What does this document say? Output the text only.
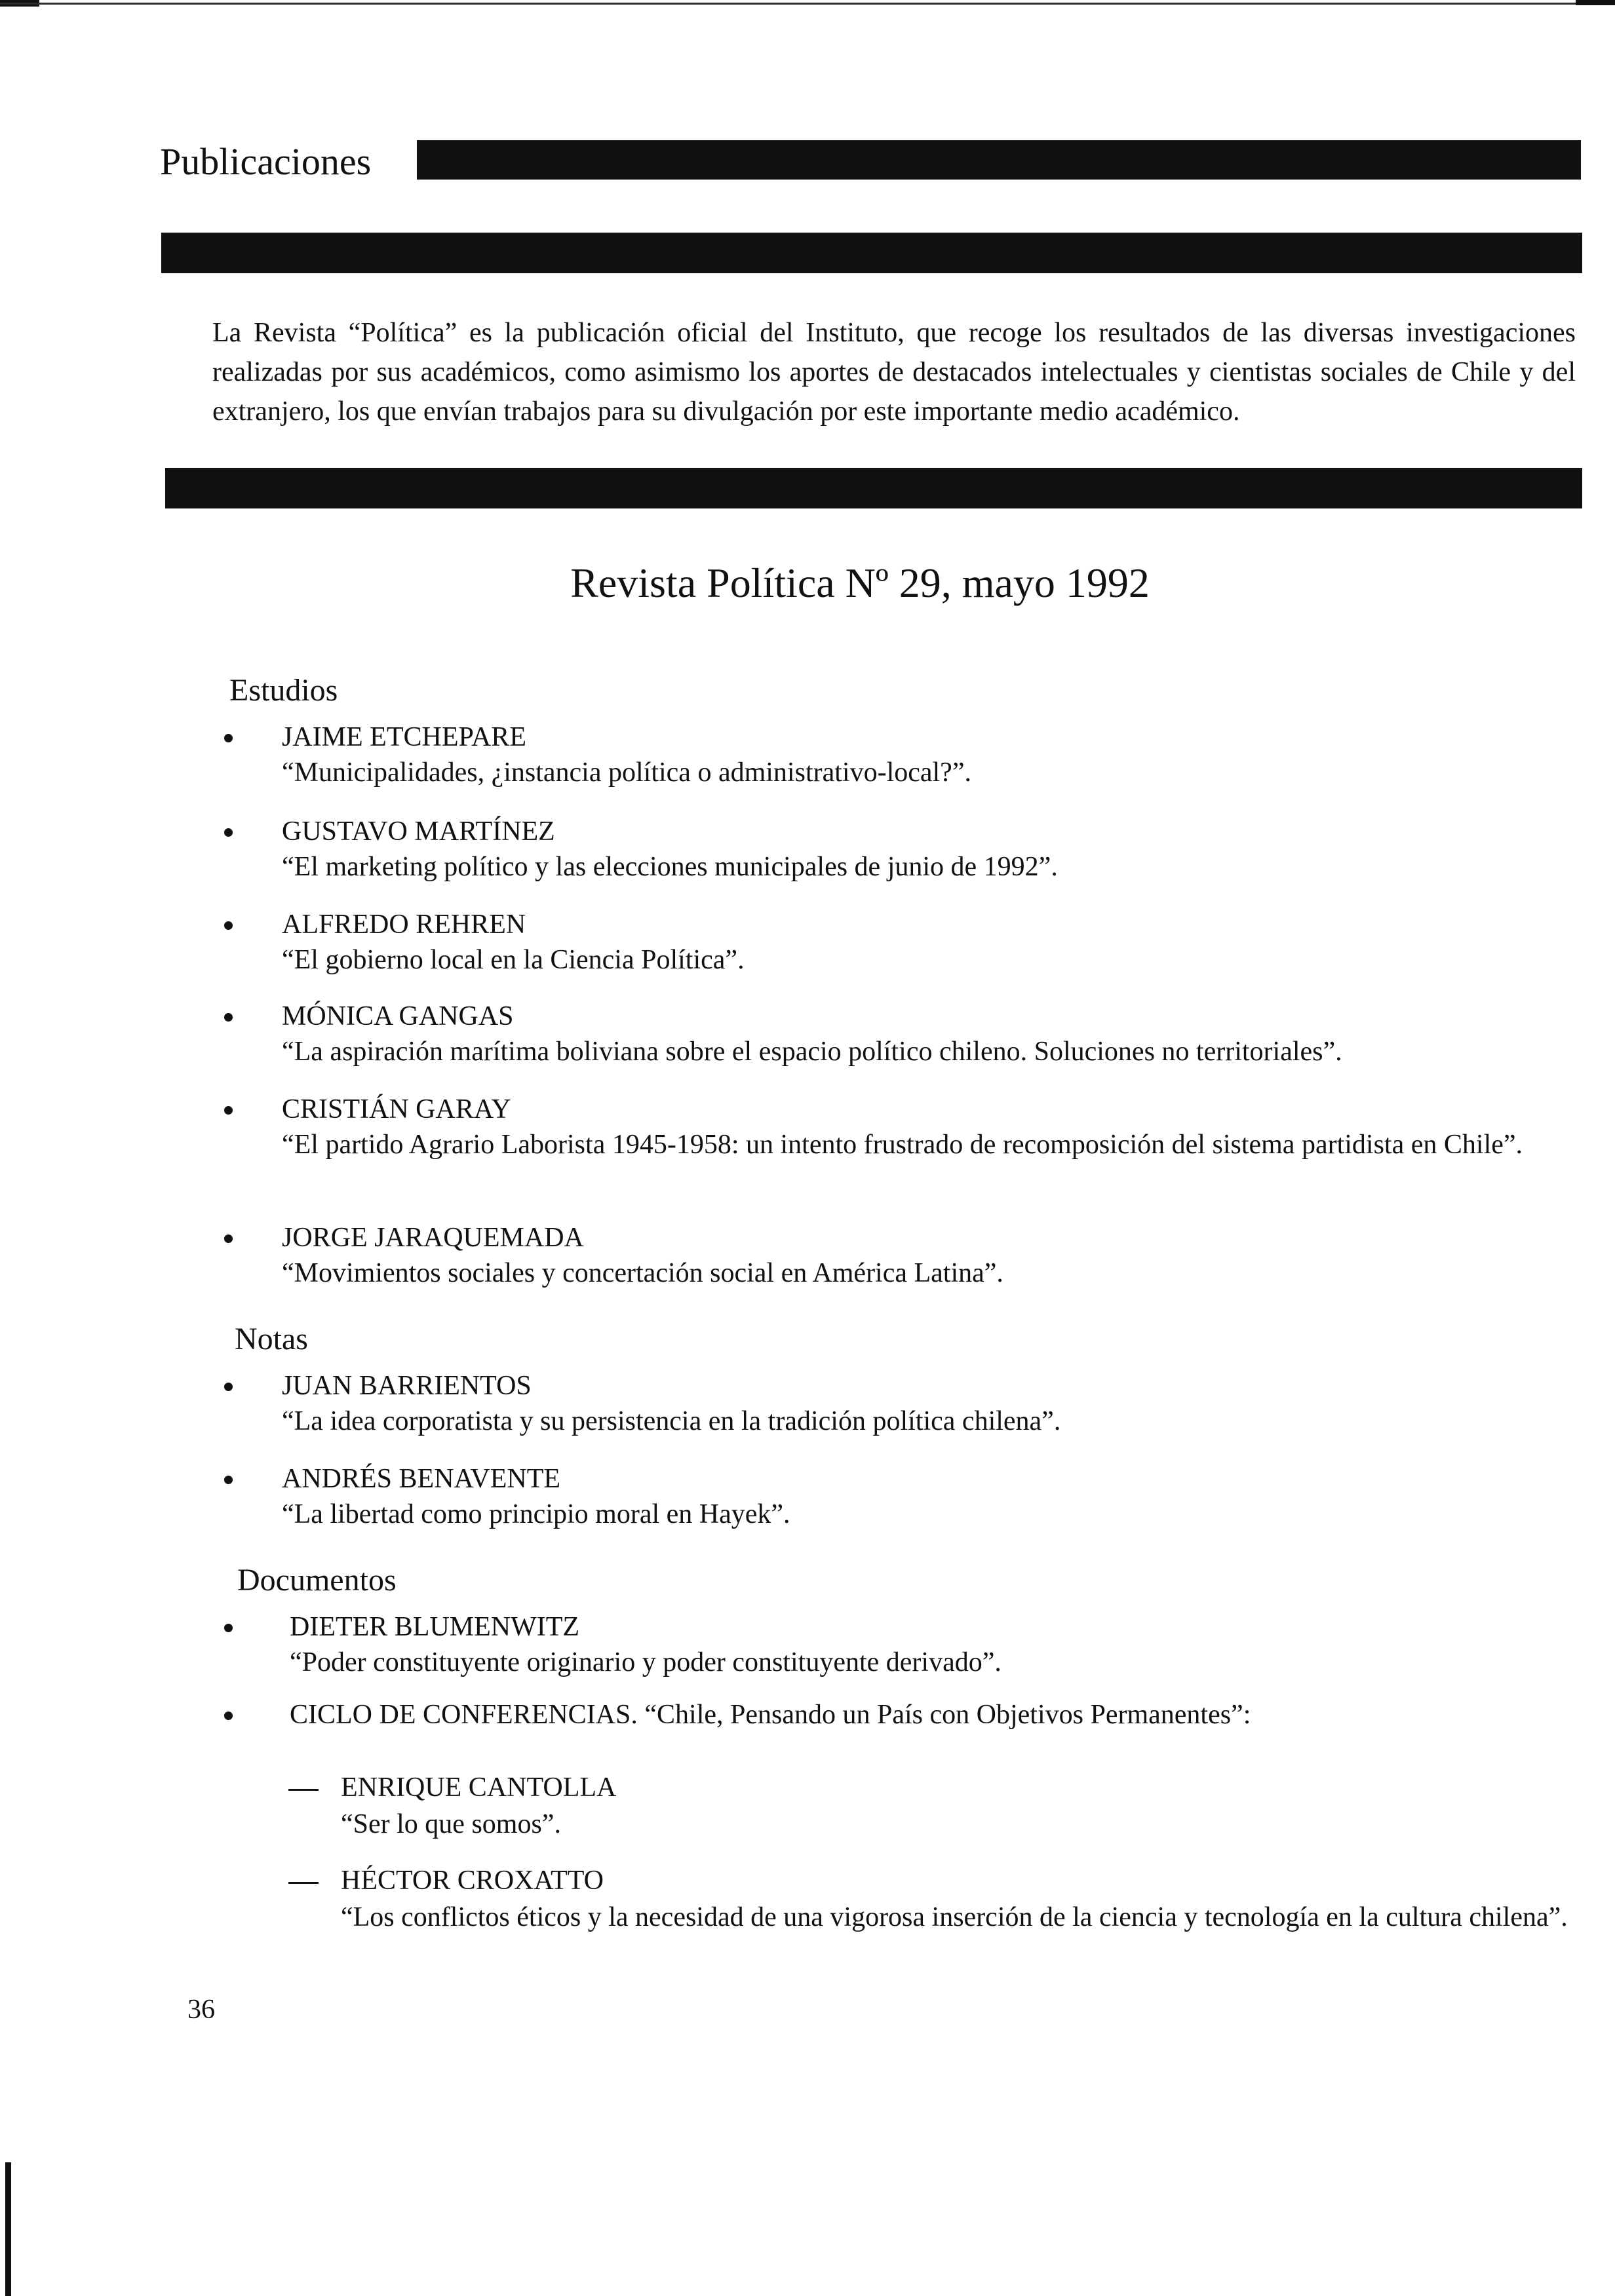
Publicaciones

La Revista “Política” es la publicación oficial del Instituto, que recoge los resultados de las diversas investigaciones realizadas por sus académicos, como asimismo los aportes de destacados intelectuales y cientistas sociales de Chile y del extranjero, los que envían trabajos para su divulgación por este importante medio académico.

Revista Política Nº 29, mayo 1992
Estudios
JAIME ETCHEPARE
“Municipalidades, ¿instancia política o administrativo-local?”.
GUSTAVO MARTÍNEZ
“El marketing político y las elecciones municipales de junio de 1992”.
ALFREDO REHREN
“El gobierno local en la Ciencia Política”.
MÓNICA GANGAS
“La aspiración marítima boliviana sobre el espacio político chileno. Soluciones no territoriales”.
CRISTIÁN GARAY
“El partido Agrario Laborista 1945-1958: un intento frustrado de recomposición del sistema partidista en Chile”.
JORGE JARAQUEMADA
“Movimientos sociales y concertación social en América Latina”.
Notas
JUAN BARRIENTOS
“La idea corporatista y su persistencia en la tradición política chilena”.
ANDRÉS BENAVENTE
“La libertad como principio moral en Hayek”.
Documentos
DIETER BLUMENWITZ
“Poder constituyente originario y poder constituyente derivado”.
CICLO DE CONFERENCIAS. “Chile, Pensando un País con Objetivos Permanentes”:
ENRIQUE CANTOLLA
“Ser lo que somos”.
HÉCTOR CROXATTO
“Los conflictos éticos y la necesidad de una vigorosa inserción de la ciencia y tecnología en la cultura chilena”.
36
